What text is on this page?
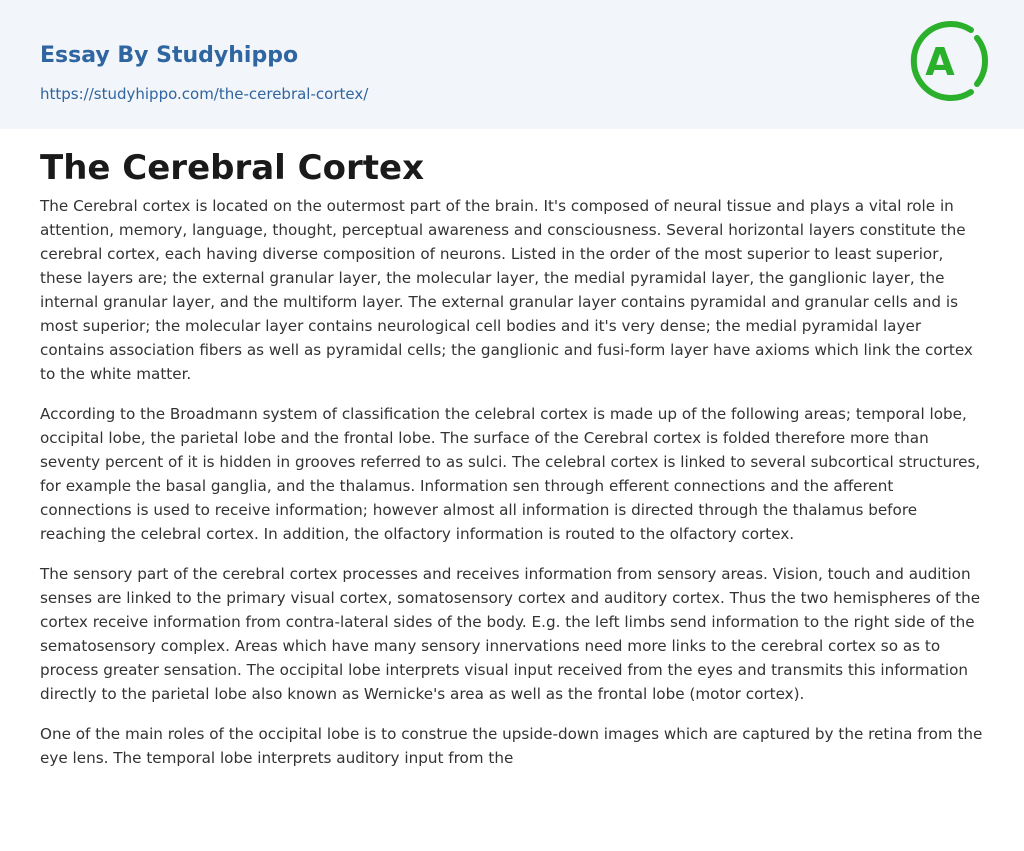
Essay By Studyhippo
https://studyhippo.com/the-cerebral-cortex/
A
The Cerebral Cortex

The Cerebral cortex is located on the outermost part of the brain. It's composed of neural tissue and plays a vital role in attention, memory, language, thought, perceptual awareness and consciousness. Several horizontal layers constitute the cerebral cortex, each having diverse composition of neurons. Listed in the order of the most superior to least superior, these layers are; the external granular layer, the molecular layer, the medial pyramidal layer, the ganglionic layer, the internal granular layer, and the multiform layer. The external granular layer contains pyramidal and granular cells and is most superior; the molecular layer contains neurological cell bodies and it's very dense; the medial pyramidal layer contains association fibers as well as pyramidal cells; the ganglionic and fusi-form layer have axioms which link the cortex to the white matter.

According to the Broadmann system of classification the celebral cortex is made up of the following areas; temporal lobe, occipital lobe, the parietal lobe and the frontal lobe. The surface of the Cerebral cortex is folded therefore more than seventy percent of it is hidden in grooves referred to as sulci. The celebral cortex is linked to several subcortical structures, for example the basal ganglia, and the thalamus. Information sen through efferent connections and the afferent connections is used to receive information; however almost all information is directed through the thalamus before reaching the celebral cortex. In addition, the olfactory information is routed to the olfactory cortex.

The sensory part of the cerebral cortex processes and receives information from sensory areas. Vision, touch and audition senses are linked to the primary visual cortex, somatosensory cortex and auditory cortex. Thus the two hemispheres of the cortex receive information from contra-lateral sides of the body. E.g. the left limbs send information to the right side of the sematosensory complex. Areas which have many sensory innervations need more links to the cerebral cortex so as to process greater sensation. The occipital lobe interprets visual input received from the eyes and transmits this information directly to the parietal lobe also known as Wernicke's area as well as the frontal lobe (motor cortex).

One of the main roles of the occipital lobe is to construe the upside-down images which are captured by the retina from the eye lens. The temporal lobe interprets auditory input from the
